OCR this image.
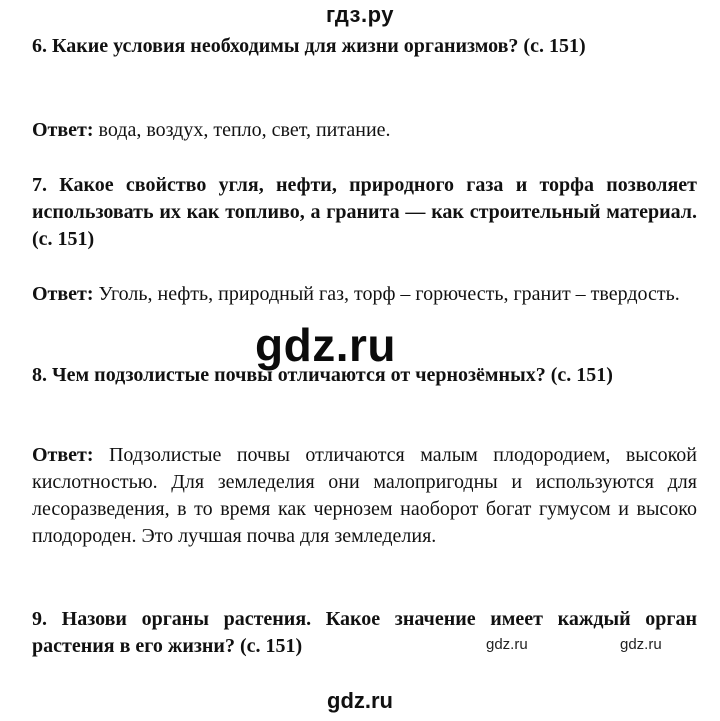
гдз.ру
6. Какие условия необходимы для жизни организмов? (с. 151)
Ответ: вода, воздух, тепло, свет, питание.
7. Какое свойство угля, нефти, природного газа и торфа позволяет использовать их как топливо, а гранита — как строительный материал. (с. 151)
Ответ: Уголь, нефть, природный газ, торф – горючесть, гранит – твердость.
8. Чем подзолистые почвы отличаются от чернозёмных? (с. 151)
Ответ: Подзолистые почвы отличаются малым плодородием, высокой кислотностью. Для земледелия они малопригодны и используются для лесоразведения, в то время как чернозем наоборот богат гумусом и высоко плодороден. Это лучшая почва для земледелия.
9. Назови органы растения. Какое значение имеет каждый орган растения в его жизни? (с. 151)
gdz.ru
gdz.ru	gdz.ru
gdz.ru
